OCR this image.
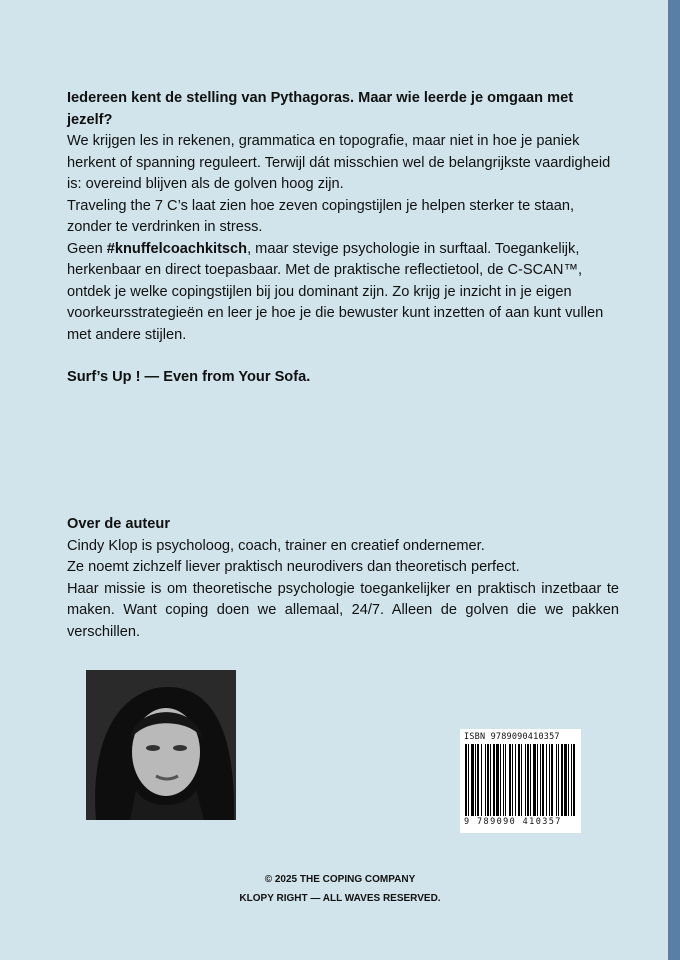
Iedereen kent de stelling van Pythagoras. Maar wie leerde je omgaan met jezelf?

We krijgen les in rekenen, grammatica en topografie, maar niet in hoe je paniek herkent of spanning reguleert. Terwijl dát misschien wel de belangrijkste vaardigheid is: overeind blijven als de golven hoog zijn.

Traveling the 7 C’s laat zien hoe zeven copingstijlen je helpen sterker te staan, zonder te verdrinken in stress.

Geen #knuffelcoachkitsch, maar stevige psychologie in surftaal. Toegankelijk, herkenbaar en direct toepasbaar. Met de praktische reflectietool, de C-SCAN™, ontdek je welke copingstijlen bij jou dominant zijn. Zo krijg je inzicht in je eigen voorkeursstrategieën en leer je hoe je die bewuster kunt inzetten of aan kunt vullen met andere stijlen.

Surf’s Up ! — Even from Your Sofa.

Over de auteur

Cindy Klop is psycholoog, coach, trainer en creatief ondernemer.

Ze noemt zichzelf liever praktisch neurodivers dan theoretisch perfect.

Haar missie is om theoretische psychologie toegankelijker en praktisch inzetbaar te maken. Want coping doen we allemaal, 24/7. Alleen de golven die we pakken verschillen.

ISBN 9789090410357
9 789090 410357
© 2025 THE COPING COMPANY
KLOPY RIGHT — ALL WAVES RESERVED.
